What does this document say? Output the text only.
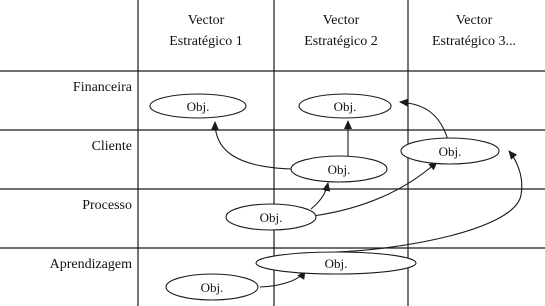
Vector
Estratégico 1
Vector
Estratégico 2
Vector
Estratégico 3...
Financeira
Cliente
Processo
Aprendizagem
Obj.	Obj.
Obj.
Obj.
Obj.
Obj.
Obj.
